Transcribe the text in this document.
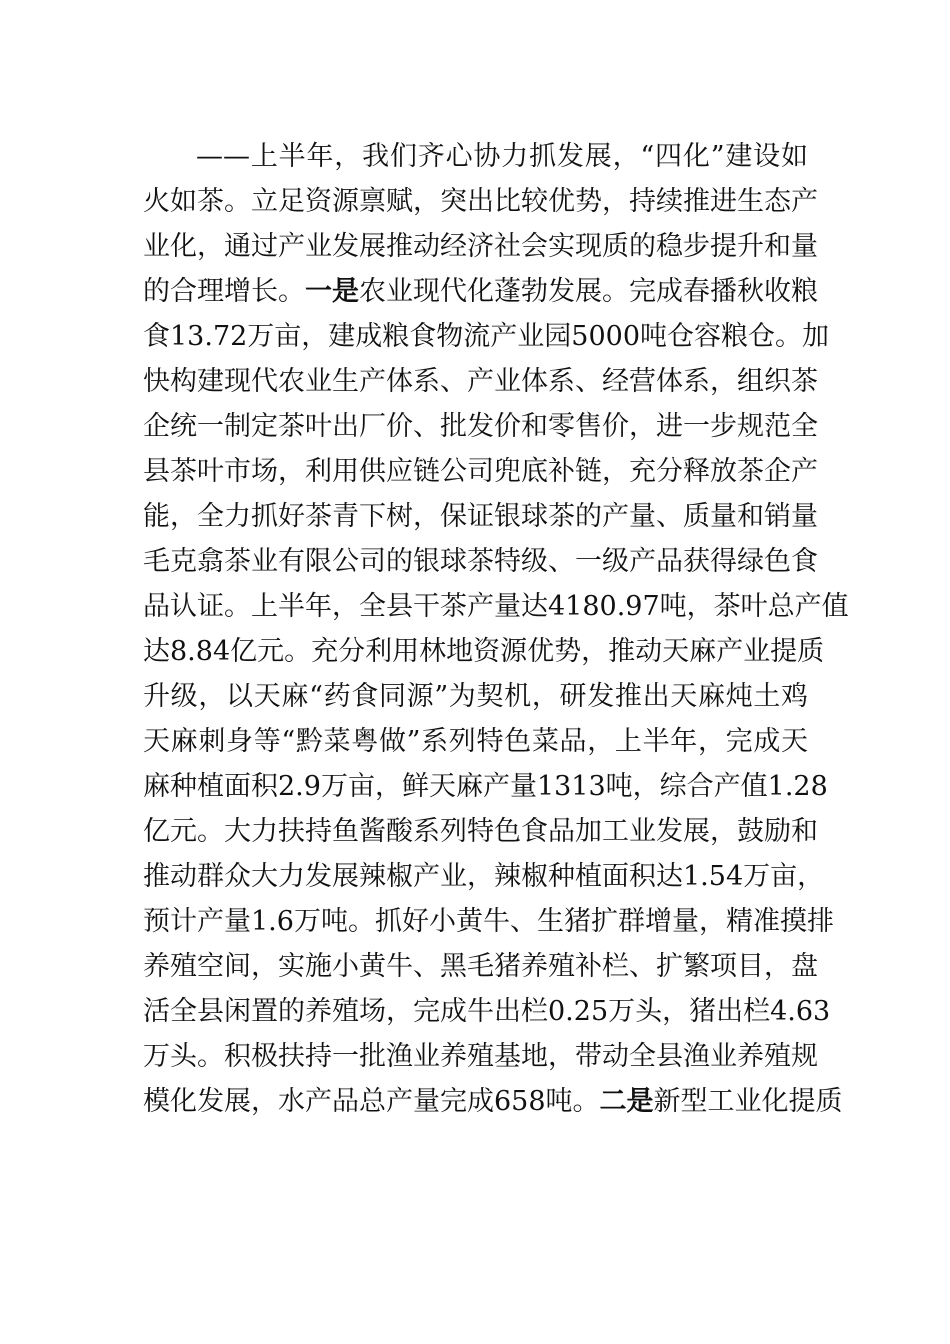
——上半年，我们齐心协力抓发展，“四化”建设如
火如茶。立足资源禀赋，突出比较优势，持续推进生态产
业化，通过产业发展推动经济社会实现质的稳步提升和量
的合理增长。一是农业现代化蓬勃发展。完成春播秋收粮
食13.72万亩，建成粮食物流产业园5000吨仓容粮仓。加
快构建现代农业生产体系、产业体系、经营体系，组织茶
企统一制定茶叶出厂价、批发价和零售价，进一步规范全
县茶叶市场，利用供应链公司兜底补链，充分释放茶企产
能，全力抓好茶青下树，保证银球茶的产量、质量和销量
毛克翕茶业有限公司的银球茶特级、一级产品获得绿色食
品认证。上半年，全县干茶产量达4180.97吨，茶叶总产值
达8.84亿元。充分利用林地资源优势，推动天麻产业提质
升级，以天麻“药食同源”为契机，研发推出天麻炖土鸡
天麻刺身等“黔菜粤做”系列特色菜品，上半年，完成天
麻种植面积2.9万亩，鲜天麻产量1313吨，综合产值1.28
亿元。大力扶持鱼酱酸系列特色食品加工业发展，鼓励和
推动群众大力发展辣椒产业，辣椒种植面积达1.54万亩，
预计产量1.6万吨。抓好小黄牛、生猪扩群增量，精准摸排
养殖空间，实施小黄牛、黑毛猪养殖补栏、扩繁项目，盘
活全县闲置的养殖场，完成牛出栏0.25万头，猪出栏4.63
万头。积极扶持一批渔业养殖基地，带动全县渔业养殖规
模化发展，水产品总产量完成658吨。二是新型工业化提质
